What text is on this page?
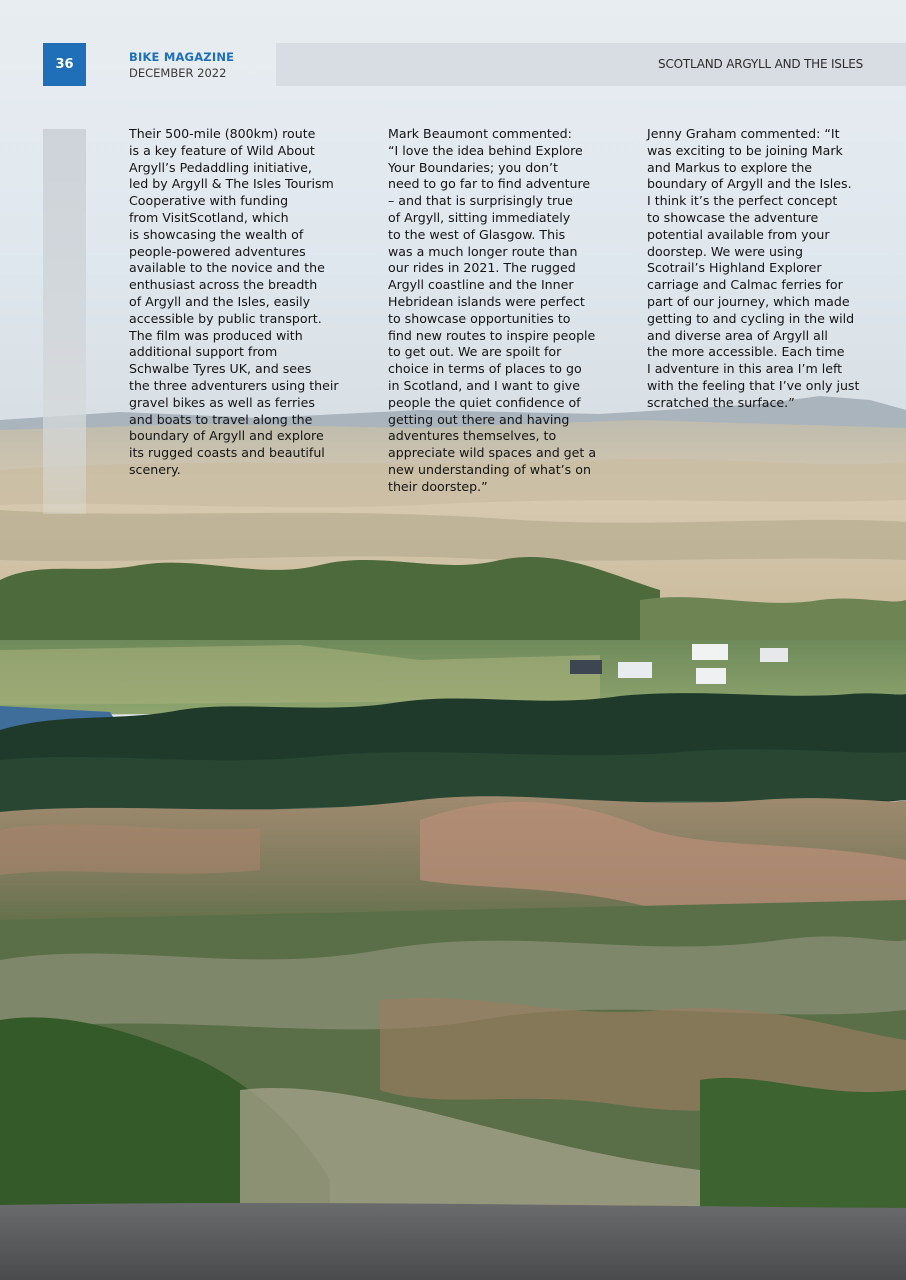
36	BIKE MAGAZINE
DECEMBER 2022
SCOTLAND ARGYLL AND THE ISLES
Their 500-mile (800km) route
is a key feature of Wild About
Argyll’s Pedaddling initiative,
led by Argyll & The Isles Tourism
Cooperative with funding
from VisitScotland, which
is showcasing the wealth of
people-powered adventures
available to the novice and the
enthusiast across the breadth
of Argyll and the Isles, easily
accessible by public transport.
The film was produced with
additional support from
Schwalbe Tyres UK, and sees
the three adventurers using their
gravel bikes as well as ferries
and boats to travel along the
boundary of Argyll and explore
its rugged coasts and beautiful
scenery.
Mark Beaumont commented:
“I love the idea behind Explore
Your Boundaries; you don’t
need to go far to find adventure
– and that is surprisingly true
of Argyll, sitting immediately
to the west of Glasgow. This
was a much longer route than
our rides in 2021. The rugged
Argyll coastline and the Inner
Hebridean islands were perfect
to showcase opportunities to
find new routes to inspire people
to get out. We are spoilt for
choice in terms of places to go
in Scotland, and I want to give
people the quiet confidence of
getting out there and having
adventures themselves, to
appreciate wild spaces and get a
new understanding of what’s on
their doorstep.”
Jenny Graham commented: “It
was exciting to be joining Mark
and Markus to explore the
boundary of Argyll and the Isles.
I think it’s the perfect concept
to showcase the adventure
potential available from your
doorstep. We were using
Scotrail’s Highland Explorer
carriage and Calmac ferries for
part of our journey, which made
getting to and cycling in the wild
and diverse area of Argyll all
the more accessible. Each time
I adventure in this area I’m left
with the feeling that I’ve only just
scratched the surface.”
